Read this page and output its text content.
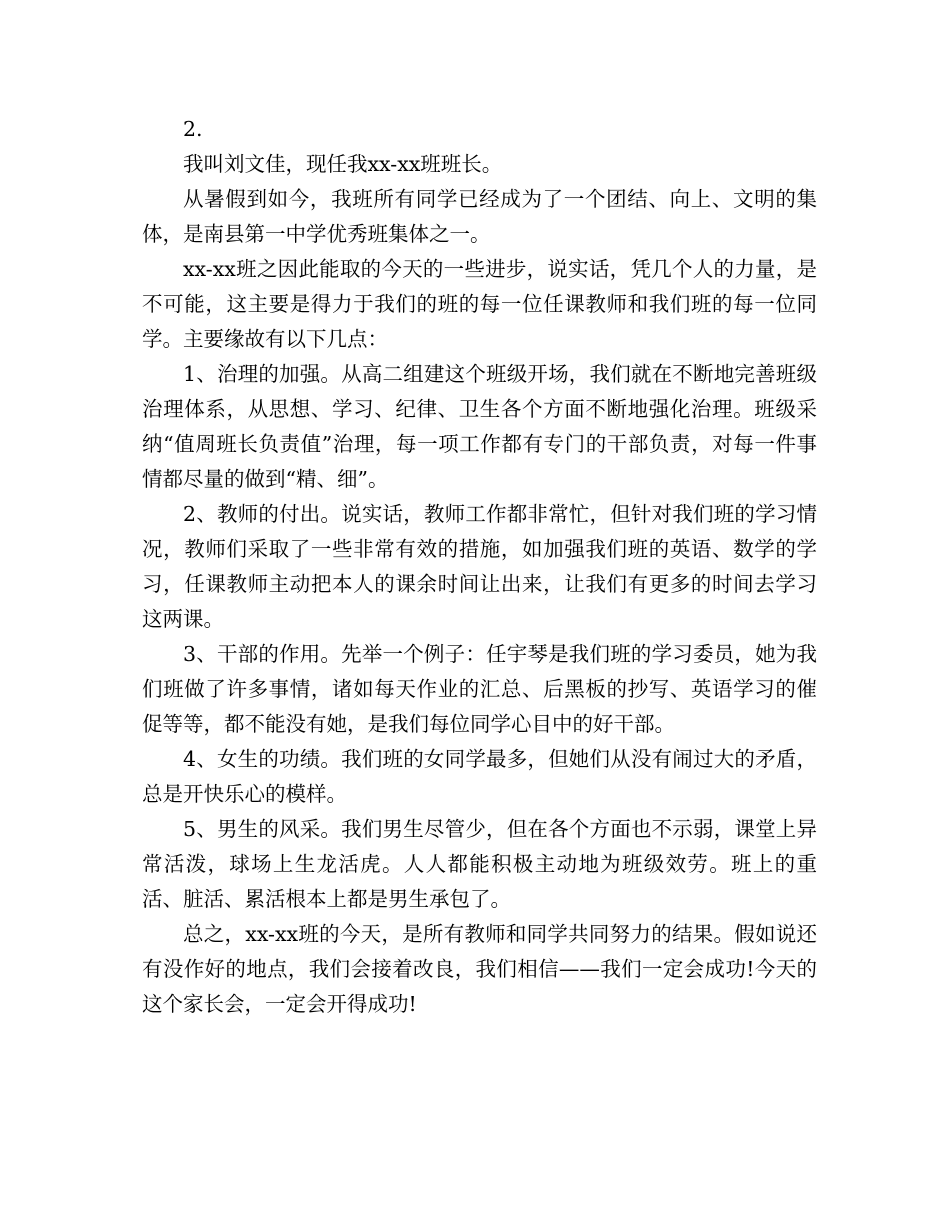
2.

我叫刘文佳，现任我xx-xx班班长。

从暑假到如今，我班所有同学已经成为了一个团结、向上、文明的集体，是南县第一中学优秀班集体之一。

xx-xx班之因此能取的今天的一些进步，说实话，凭几个人的力量，是不可能，这主要是得力于我们的班的每一位任课教师和我们班的每一位同学。主要缘故有以下几点：

1、治理的加强。从高二组建这个班级开场，我们就在不断地完善班级治理体系，从思想、学习、纪律、卫生各个方面不断地强化治理。班级采纳“值周班长负责值”治理，每一项工作都有专门的干部负责，对每一件事情都尽量的做到“精、细”。

2、教师的付出。说实话，教师工作都非常忙，但针对我们班的学习情况，教师们采取了一些非常有效的措施，如加强我们班的英语、数学的学习，任课教师主动把本人的课余时间让出来，让我们有更多的时间去学习这两课。

3、干部的作用。先举一个例子：任宇琴是我们班的学习委员，她为我们班做了许多事情，诸如每天作业的汇总、后黑板的抄写、英语学习的催促等等，都不能没有她，是我们每位同学心目中的好干部。

4、女生的功绩。我们班的女同学最多，但她们从没有闹过大的矛盾，总是开快乐心的模样。

5、男生的风采。我们男生尽管少，但在各个方面也不示弱，课堂上异常活泼，球场上生龙活虎。人人都能积极主动地为班级效劳。班上的重活、脏活、累活根本上都是男生承包了。

总之，xx-xx班的今天，是所有教师和同学共同努力的结果。假如说还有没作好的地点，我们会接着改良，我们相信——我们一定会成功!今天的这个家长会，一定会开得成功!
